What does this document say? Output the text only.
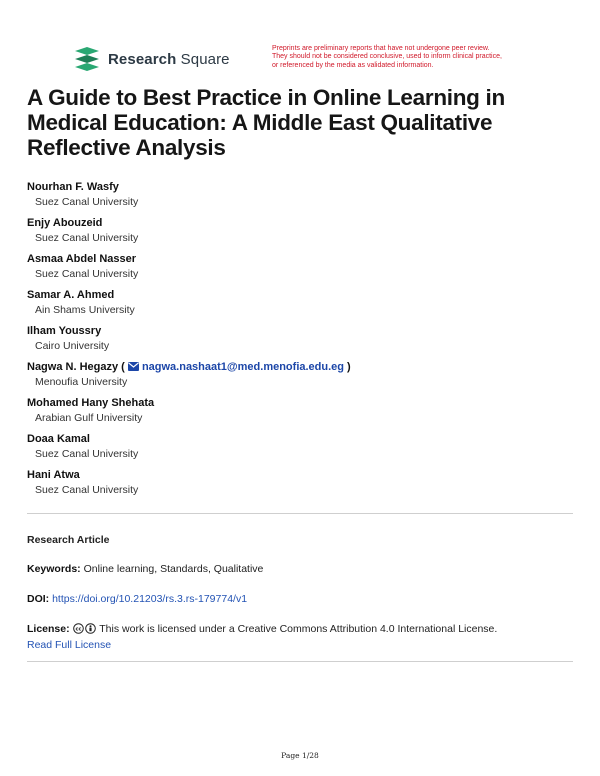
Research Square
Preprints are preliminary reports that have not undergone peer review.
They should not be considered conclusive, used to inform clinical practice,
or referenced by the media as validated information.
A Guide to Best Practice in Online Learning in Medical Education: A Middle East Qualitative Reflective Analysis
Nourhan F. Wasfy
Suez Canal University
Enjy Abouzeid
Suez Canal University
Asmaa Abdel Nasser
Suez Canal University
Samar A. Ahmed
Ain Shams University
Ilham Youssry
Cairo University
Nagwa N. Hegazy (  nagwa.nashaat1@med.menofia.edu.eg )
Menoufia University
Mohamed Hany Shehata
Arabian Gulf University
Doaa Kamal
Suez Canal University
Hani Atwa
Suez Canal University
Research Article
Keywords: Online learning, Standards, Qualitative
DOI: https://doi.org/10.21203/rs.3.rs-179774/v1
License: cc This work is licensed under a Creative Commons Attribution 4.0 International License.
Read Full License
Page 1/28
